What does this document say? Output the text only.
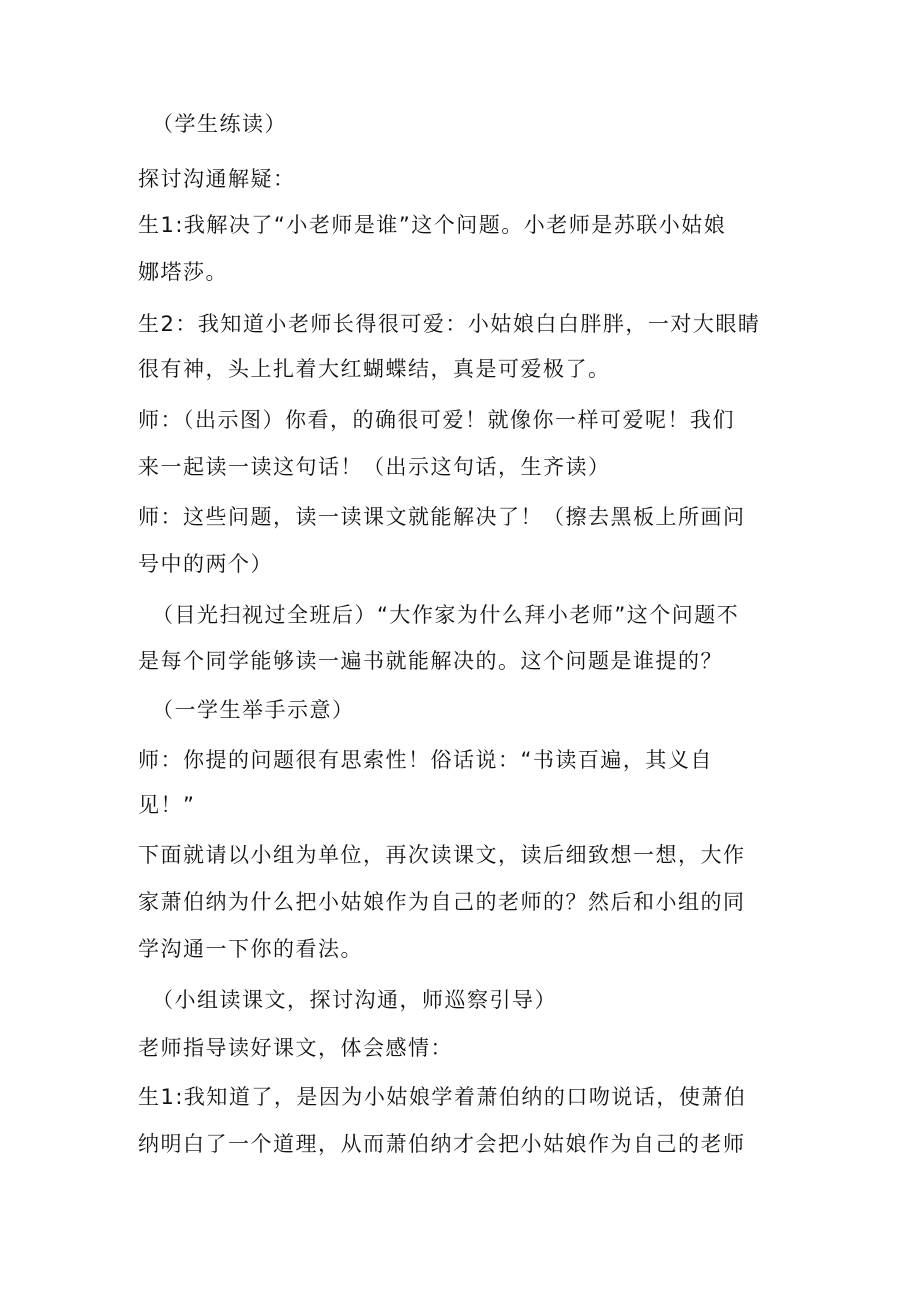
（学生练读）
探讨沟通解疑：
生1:我解决了“小老师是谁”这个问题。小老师是苏联小姑娘
娜塔莎。
生2：我知道小老师长得很可爱：小姑娘白白胖胖，一对大眼睛
很有神，头上扎着大红蝴蝶结，真是可爱极了。
师：（出示图）你看，的确很可爱！就像你一样可爱呢！我们
来一起读一读这句话！（出示这句话，生齐读）
师：这些问题，读一读课文就能解决了！（擦去黑板上所画问
号中的两个）
（目光扫视过全班后）“大作家为什么拜小老师”这个问题不
是每个同学能够读一遍书就能解决的。这个问题是谁提的？
（一学生举手示意）
师：你提的问题很有思索性！俗话说：“书读百遍，其义自
见！”
下面就请以小组为单位，再次读课文，读后细致想一想，大作
家萧伯纳为什么把小姑娘作为自己的老师的？然后和小组的同
学沟通一下你的看法。
（小组读课文，探讨沟通，师巡察引导）
老师指导读好课文，体会感情：
生1:我知道了，是因为小姑娘学着萧伯纳的口吻说话，使萧伯
纳明白了一个道理，从而萧伯纳才会把小姑娘作为自己的老师
